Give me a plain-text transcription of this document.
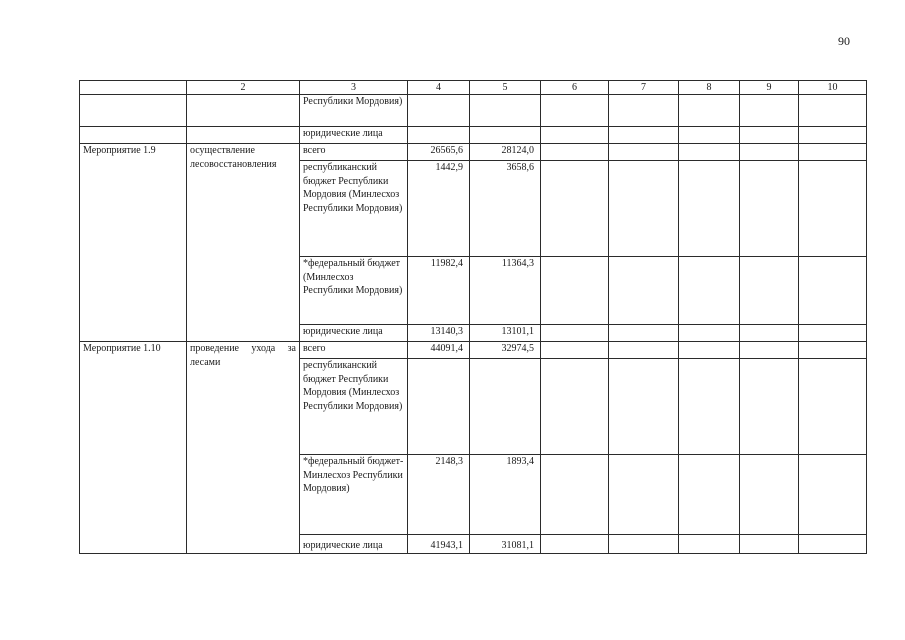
90
	2	3	4	5	6	7	8	9	10
		Республики Мордовия)							
		юридические лица							
Мероприятие 1.9	осуществление лесовосстановления	всего	26565,6	28124,0					
		республиканский бюджет Республики Мордовия (Минлесхоз Республики Мордовия)	1442,9	3658,6					
		*федеральный бюджет (Минлесхоз Республики Мордовия)	11982,4	11364,3					
		юридические лица	13140,3	13101,1					
Мероприятие 1.10	проведение ухода за лесами	всего	44091,4	32974,5					
		республиканский бюджет Республики Мордовия (Минлесхоз Республики Мордовия)							
		*федеральный бюджет- Минлесхоз Республики Мордовия)	2148,3	1893,4					
		юридические лица	41943,1	31081,1					
